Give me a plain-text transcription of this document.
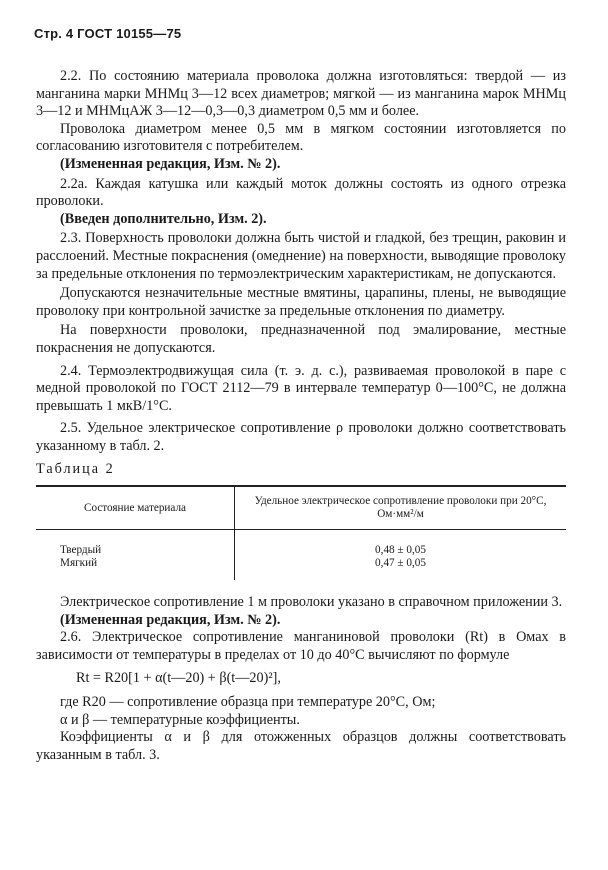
Стр. 4 ГОСТ 10155—75

2.2. По состоянию материала проволока должна изготовляться: твердой — из манганина марки МНМц 3—12 всех диаметров; мягкой — из манганина марок МНМц 3—12 и МНМцАЖ 3—12—0,3—0,3 диаметром 0,5 мм и более.

Проволока диаметром менее 0,5 мм в мягком состоянии изготовляется по согласованию изготовителя с потребителем.

(Измененная редакция, Изм. № 2).

2.2a. Каждая катушка или каждый моток должны состоять из одного отрезка проволоки.

(Введен дополнительно, Изм. 2).

2.3. Поверхность проволоки должна быть чистой и гладкой, без трещин, раковин и расслоений. Местные покраснения (омеднение) на поверхности, выводящие проволоку за предельные отклонения по термоэлектрическим характеристикам, не допускаются.

Допускаются незначительные местные вмятины, царапины, плены, не выводящие проволоку при контрольной зачистке за предельные отклонения по диаметру.

На поверхности проволоки, предназначенной под эмалирование, местные покраснения не допускаются.

2.4. Термоэлектродвижущая сила (т. э. д. с.), развиваемая проволокой в паре с медной проволокой по ГОСТ 2112—79 в интервале температур 0—100°С, не должна превышать 1 мкВ/1°С.

2.5. Удельное электрическое сопротивление ρ проволоки должно соответствовать указанному в табл. 2.

Таблица 2

Состояние материала	Удельное электрическое сопротивление проволоки при 20°С, Ом·мм²/м
Твердый	0,48 ± 0,05
Мягкий	0,47 ± 0,05

Электрическое сопротивление 1 м проволоки указано в справочном приложении 3.

(Измененная редакция, Изм. № 2).

2.6. Электрическое сопротивление манганиновой проволоки (Rt) в Омах в зависимости от температуры в пределах от 10 до 40°С вычисляют по формуле

Rt = R20[1 + α(t—20) + β(t—20)²],

где R20 — сопротивление образца при температуре 20°С, Ом;

α и β — температурные коэффициенты.

Коэффициенты α и β для отожженных образцов должны соответствовать указанным в табл. 3.
